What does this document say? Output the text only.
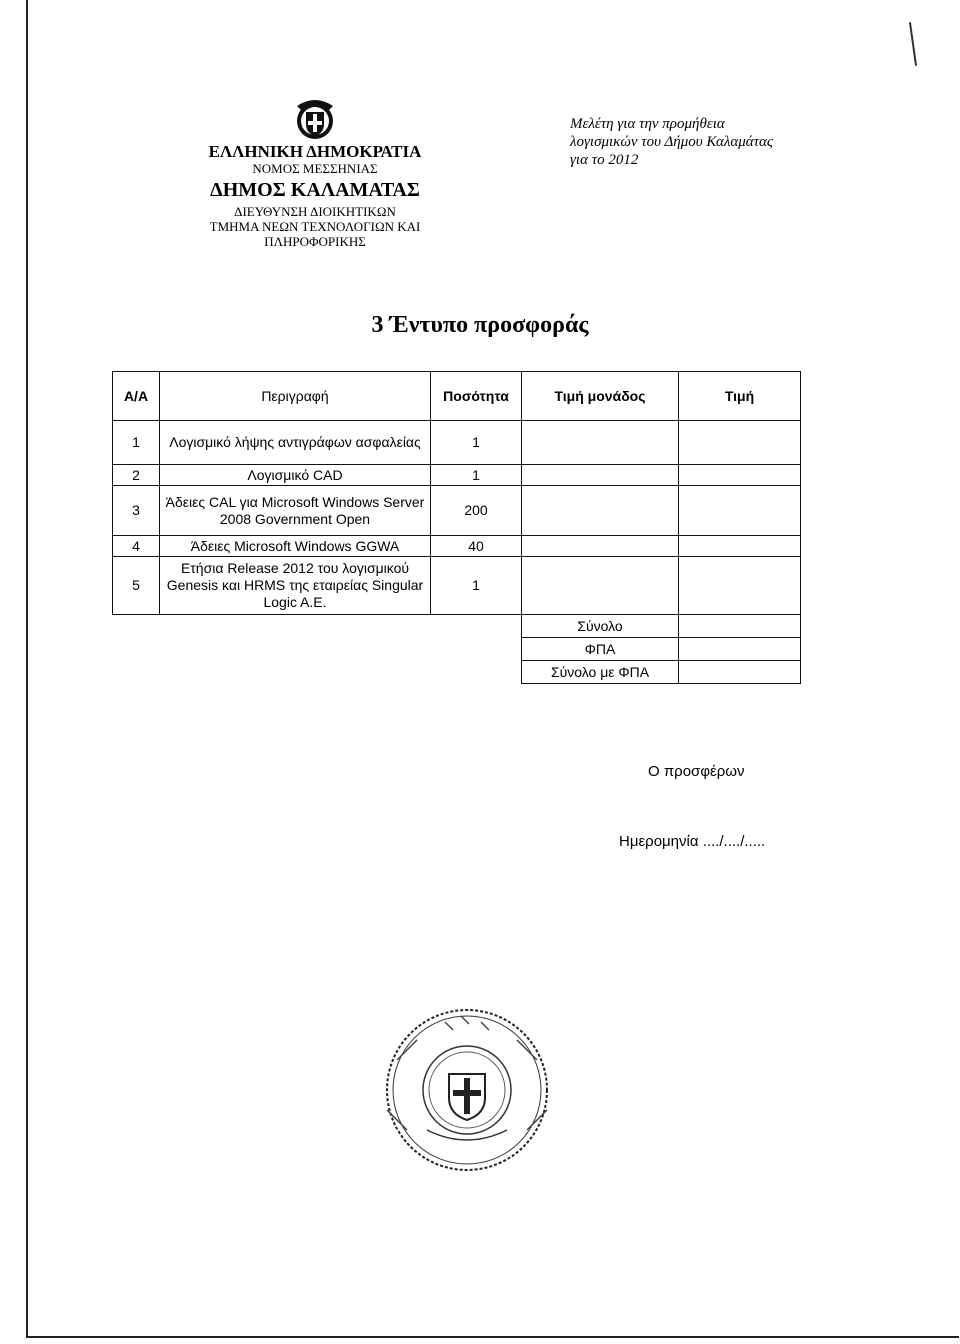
ΕΛΛΗΝΙΚΗ ΔΗΜΟΚΡΑΤΙΑ
ΝΟΜΟΣ ΜΕΣΣΗΝΙΑΣ
ΔΗΜΟΣ ΚΑΛΑΜΑΤΑΣ
ΔΙΕΥΘΥΝΣΗ ΔΙΟΙΚΗΤΙΚΩΝ
ΤΜΗΜΑ ΝΕΩΝ ΤΕΧΝΟΛΟΓΙΩΝ ΚΑΙ
ΠΛΗΡΟΦΟΡΙΚΗΣ
Μελέτη για την προμήθεια
λογισμικών του Δήμου Καλαμάτας
για το 2012
3 Έντυπο προσφοράς
Α/Α	Περιγραφή	Ποσότητα	Τιμή μονάδος	Τιμή
1	Λογισμικό λήψης αντιγράφων ασφαλείας	1		
2	Λογισμικό CAD	1		
3	Άδειες CAL για Microsoft Windows Server 2008 Government Open	200		
4	Άδειες Microsoft Windows GGWA	40		
5	Ετήσια Release 2012 του λογισμικού Genesis και HRMS της εταιρείας Singular Logic A.E.	1		
			Σύνολο	
			ΦΠΑ	
			Σύνολο με ΦΠΑ	
Ο προσφέρων
Ημερομηνία ..../..../.....
